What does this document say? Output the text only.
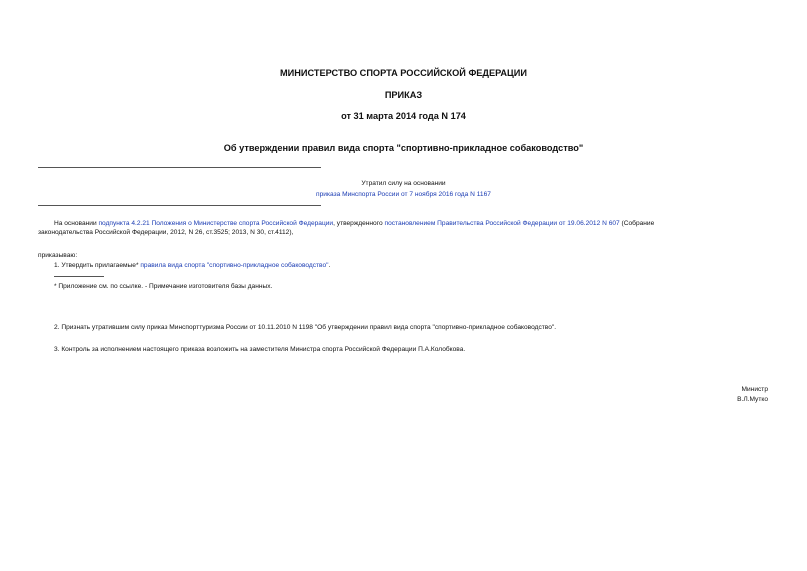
МИНИСТЕРСТВО СПОРТА РОССИЙСКОЙ ФЕДЕРАЦИИ
ПРИКАЗ
от 31 марта 2014 года N 174
Об утверждении правил вида спорта "спортивно-прикладное собаководство"
Утратил силу на основании
приказа Минспорта России от 7 ноября 2016 года N 1167
На основании подпункта 4.2.21 Положения о Министерстве спорта Российской Федерации, утвержденного постановлением Правительства Российской Федерации от 19.06.2012 N 607 (Собрание
законодательства Российской Федерации, 2012, N 26, ст.3525; 2013, N 30, ст.4112),
приказываю:
1. Утвердить прилагаемые* правила вида спорта "спортивно-прикладное собаководство".
* Приложение см. по ссылке. - Примечание изготовителя базы данных.
2. Признать утратившим силу приказ Минспорттуризма России от 10.11.2010 N 1198 "Об утверждении правил вида спорта "спортивно-прикладное собаководство".
3. Контроль за исполнением настоящего приказа возложить на заместителя Министра спорта Российской Федерации П.А.Колобкова.
Министр
В.Л.Мутко
